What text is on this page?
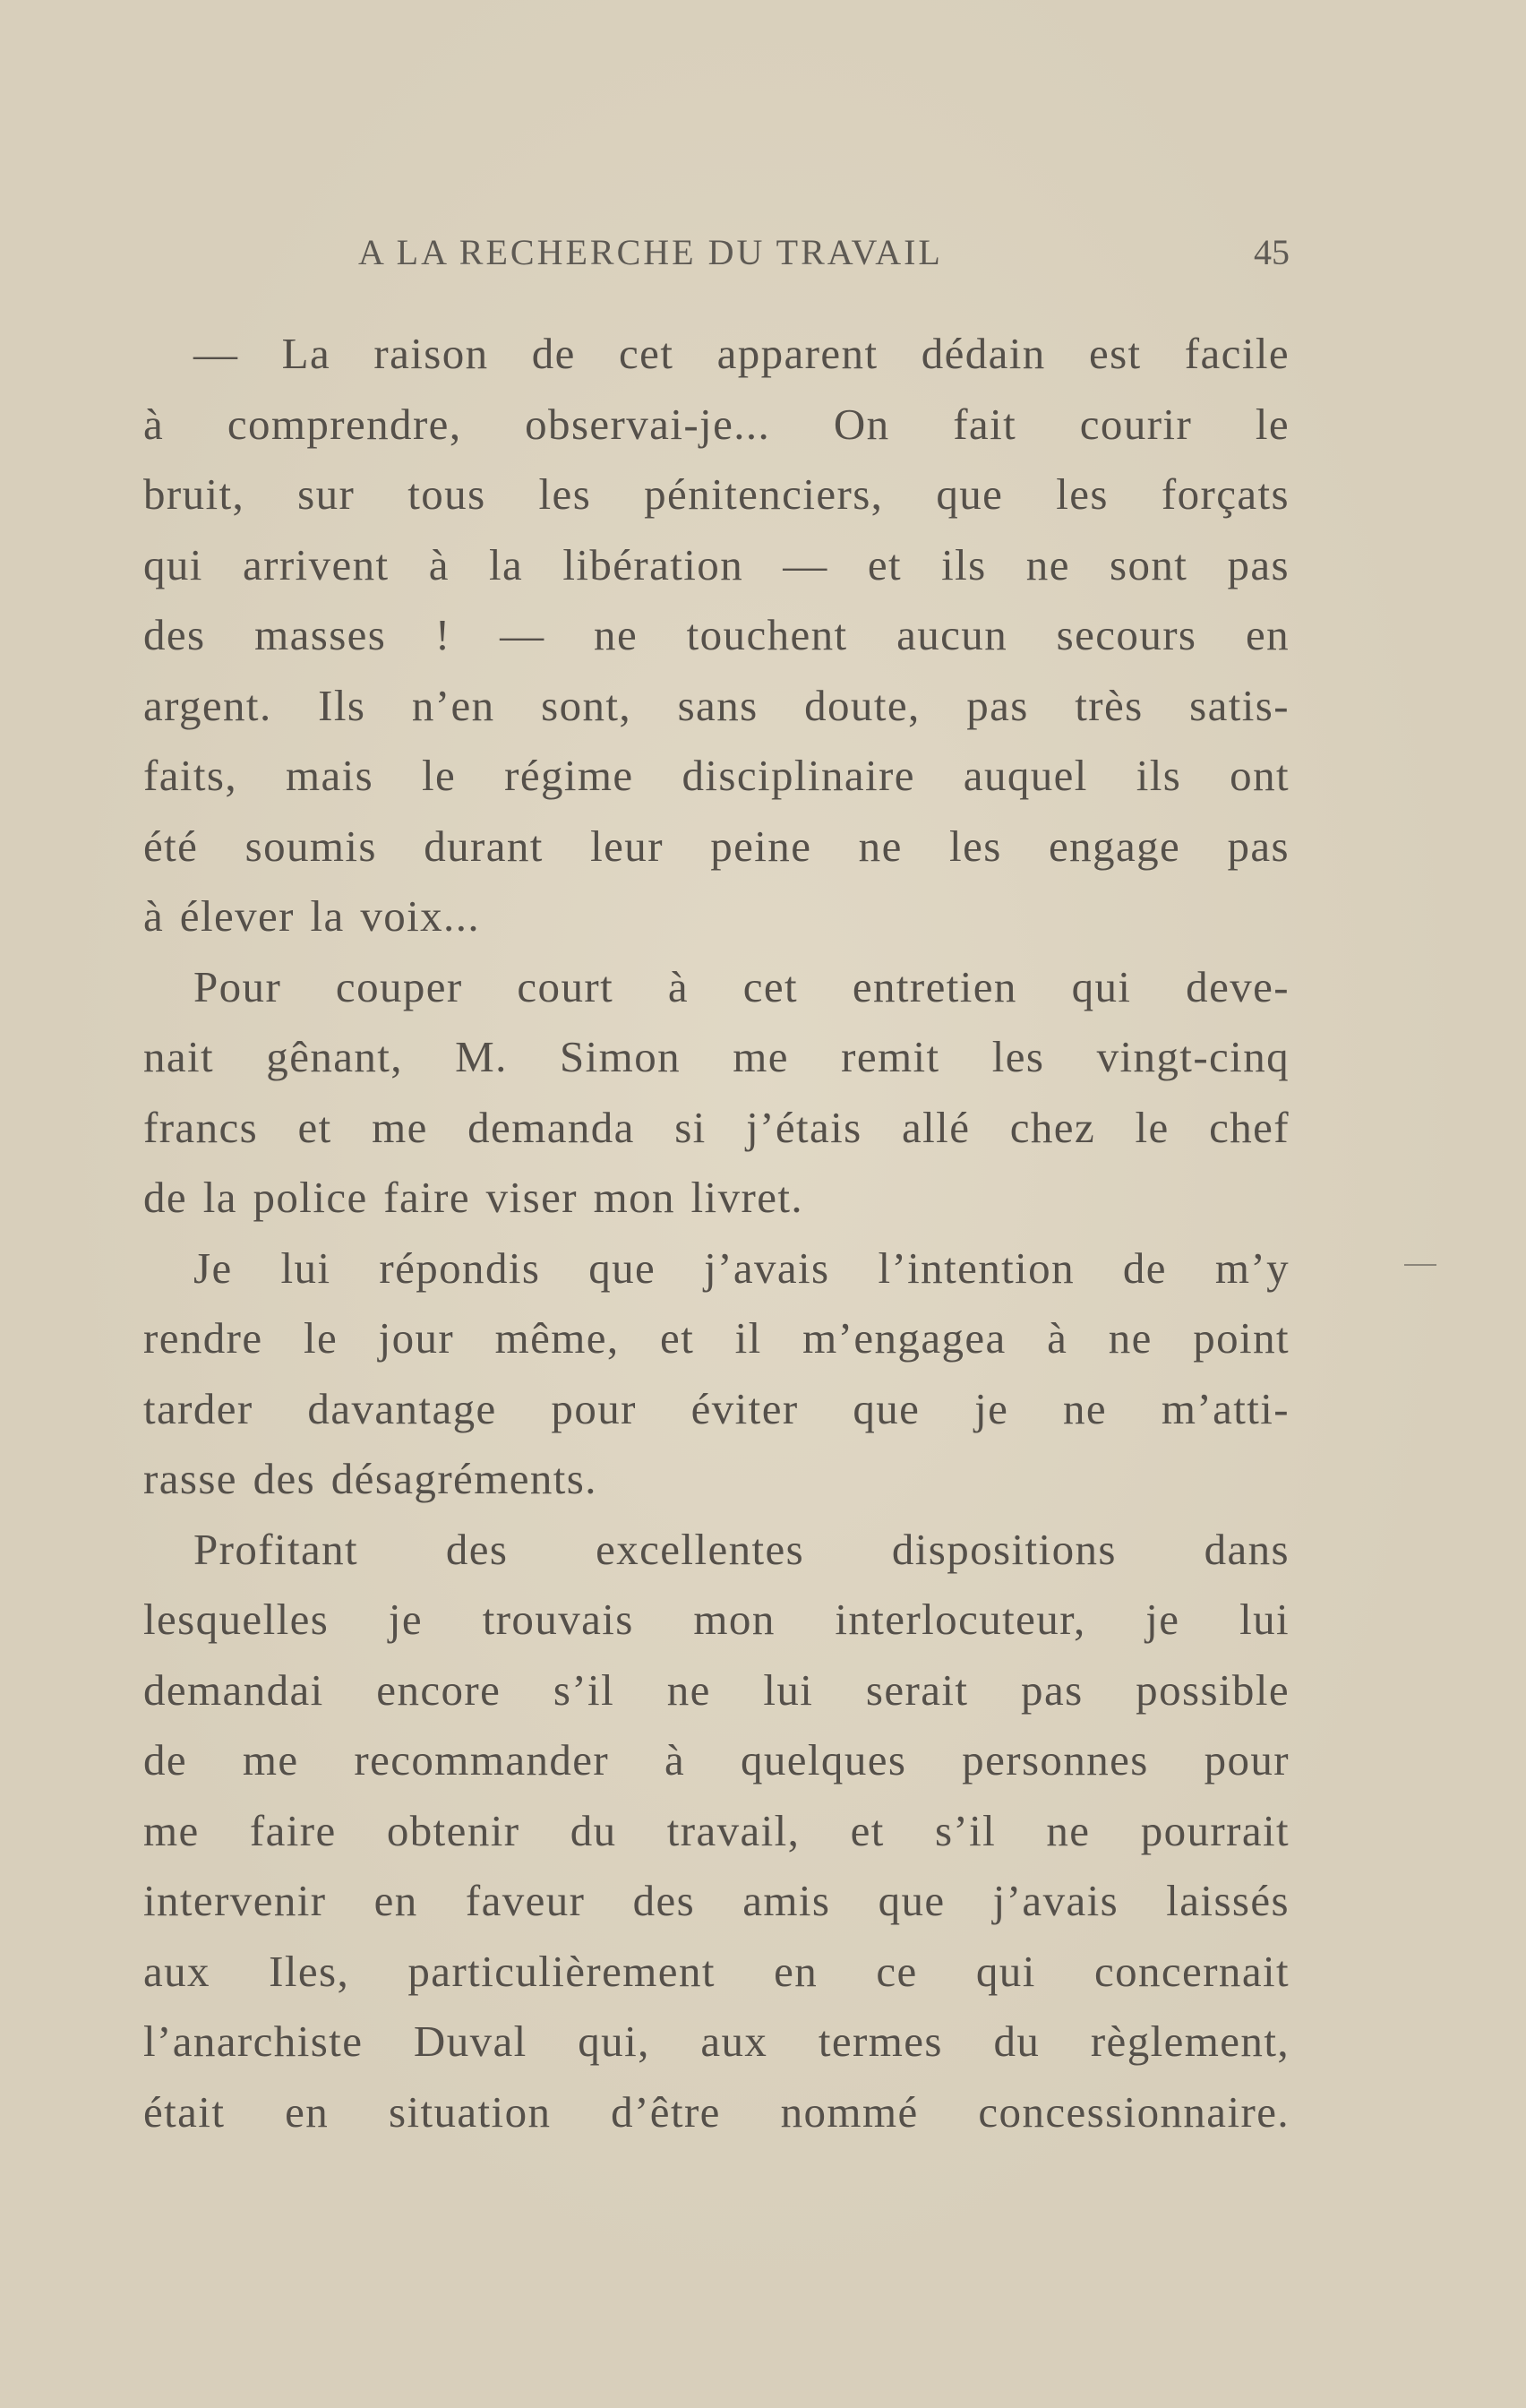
A LA RECHERCHE DU TRAVAIL	45
— La raison de cet apparent dédain est facile
à comprendre, observai-je... On fait courir le
bruit, sur tous les pénitenciers, que les forçats
qui arrivent à la libération — et ils ne sont pas
des masses ! — ne touchent aucun secours en
argent. Ils n’en sont, sans doute, pas très satis-
faits, mais le régime disciplinaire auquel ils ont
été soumis durant leur peine ne les engage pas
à élever la voix...
Pour couper court à cet entretien qui deve-
nait gênant, M. Simon me remit les vingt-cinq
francs et me demanda si j’étais allé chez le chef
de la police faire viser mon livret.
Je lui répondis que j’avais l’intention de m’y
rendre le jour même, et il m’engagea à ne point
tarder davantage pour éviter que je ne m’atti-
rasse des désagréments.
Profitant des excellentes dispositions dans
lesquelles je trouvais mon interlocuteur, je lui
demandai encore s’il ne lui serait pas possible
de me recommander à quelques personnes pour
me faire obtenir du travail, et s’il ne pourrait
intervenir en faveur des amis que j’avais laissés
aux Iles, particulièrement en ce qui concernait
l’anarchiste Duval qui, aux termes du règlement,
était en situation d’être nommé concessionnaire.
